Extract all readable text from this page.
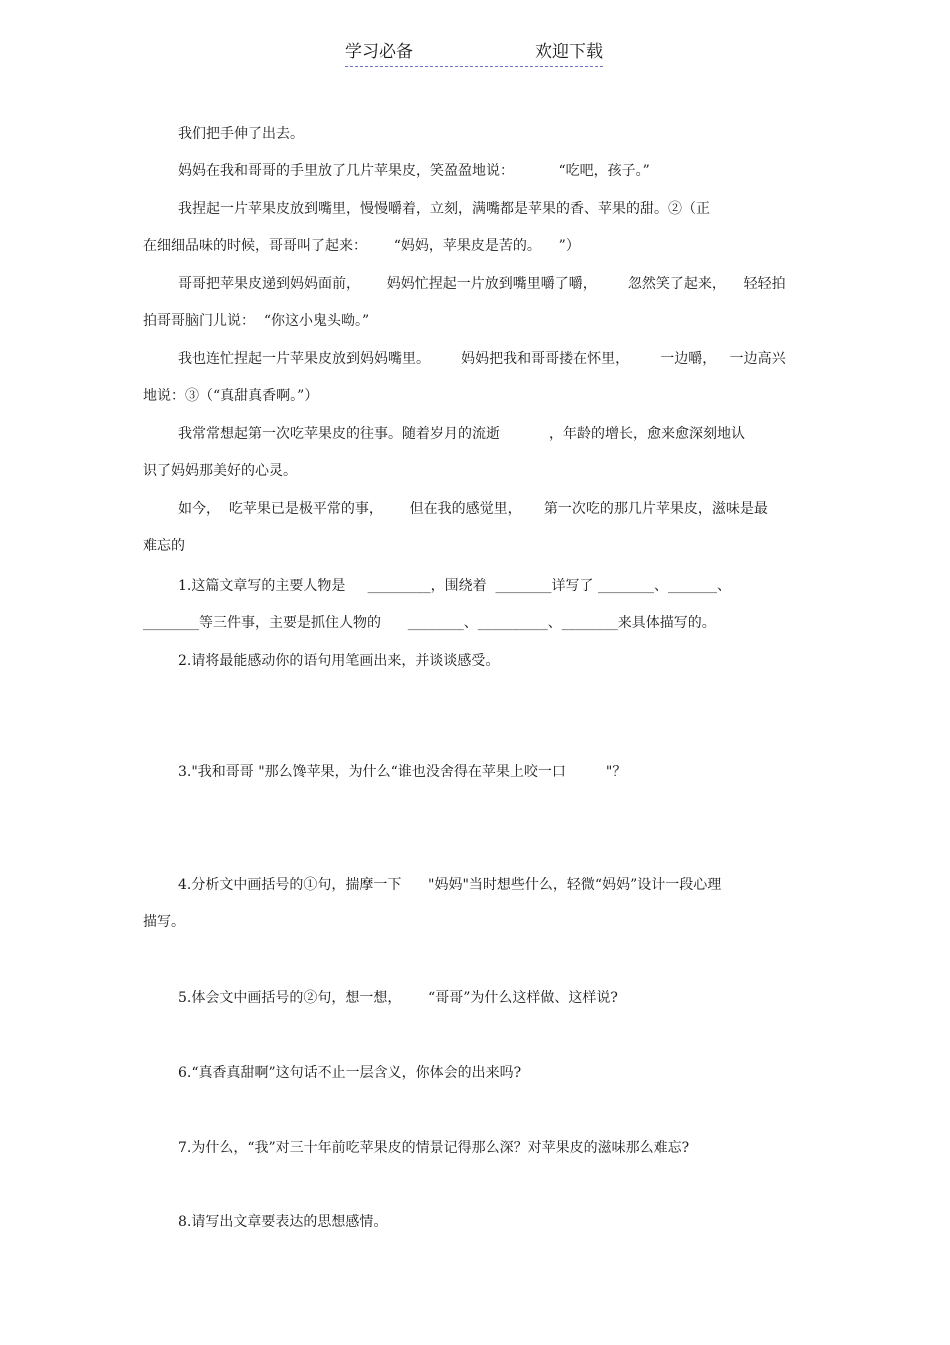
学习必备	欢迎下载
我们把手伸了出去。
妈妈在我和哥哥的手里放了几片苹果皮，笑盈盈地说：          “吃吧，孩子。”
我捏起一片苹果皮放到嘴里，慢慢嚼着，立刻，满嘴都是苹果的香、苹果的甜。②（正
在细细品味的时候，哥哥叫了起来：      “妈妈，苹果皮是苦的。    ”）
哥哥把苹果皮递到妈妈面前，      妈妈忙捏起一片放到嘴里嚼了嚼，       忽然笑了起来，    轻轻拍
拍哥哥脑门儿说：  “你这小鬼头呦。”
我也连忙捏起一片苹果皮放到妈妈嘴里。       妈妈把我和哥哥搂在怀里，       一边嚼，   一边高兴
地说：③（“真甜真香啊。”）
我常常想起第一次吃苹果皮的往事。随着岁月的流逝           ，年龄的增长，愈来愈深刻地认
识了妈妈那美好的心灵。
如今，  吃苹果已是极平常的事，      但在我的感觉里，     第一次吃的那几片苹果皮，滋味是最
难忘的
1.这篇文章写的主要人物是     _________，围绕着  ________详写了 ________、_______、
________等三件事，主要是抓住人物的      ________、__________、________来具体描写的。
2.请将最能感动你的语句用笔画出来，并谈谈感受。
3."我和哥哥 "那么馋苹果，为什么“谁也没舍得在苹果上咬一口         "？
4.分析文中画括号的①句，揣摩一下      "妈妈"当时想些什么，轻微“妈妈”设计一段心理
描写。
5.体会文中画括号的②句，想一想，      “哥哥”为什么这样做、这样说?
6.“真香真甜啊”这句话不止一层含义，你体会的出来吗?
7.为什么，“我”对三十年前吃苹果皮的情景记得那么深？对苹果皮的滋味那么难忘?
8.请写出文章要表达的思想感情。
